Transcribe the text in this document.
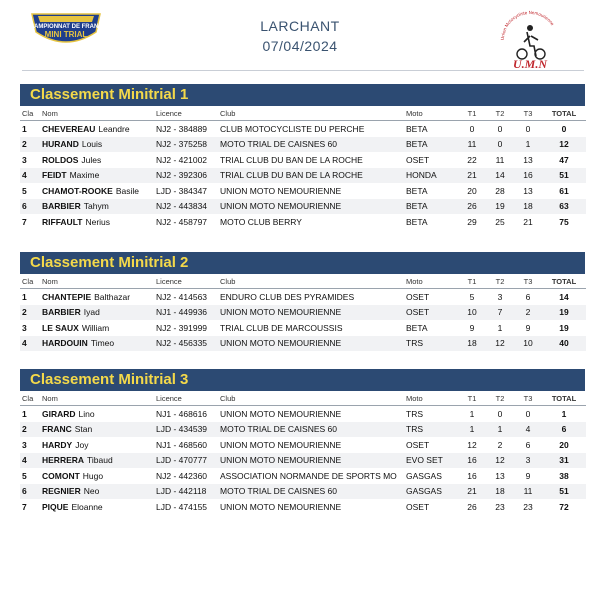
CHAMPIONNAT DE FRANCE
MINI TRIAL
LARCHANT
07/04/2024	Union Motocycliste Nemourienne
U.M.N
Classement Minitrial 1
Cla	Nom	Licence	Club	Moto	T1	T2	T3	TOTAL
1	CHEVEREAU Leandre	NJ2 - 384889	CLUB MOTOCYCLISTE DU PERCHE	BETA	0	0	0	0
2	HURAND Louis	NJ2 - 375258	MOTO TRIAL DE CAISNES 60	BETA	11	0	1	12
3	ROLDOS Jules	NJ2 - 421002	TRIAL CLUB DU BAN DE LA ROCHE	OSET	22	11	13	47
4	FEIDT Maxime	NJ2 - 392306	TRIAL CLUB DU BAN DE LA ROCHE	HONDA	21	14	16	51
5	CHAMOT-ROOKE Basile	LJD - 384347	UNION MOTO NEMOURIENNE	BETA	20	28	13	61
6	BARBIER Tahym	NJ2 - 443834	UNION MOTO NEMOURIENNE	BETA	26	19	18	63
7	RIFFAULT Nerius	NJ2 - 458797	MOTO CLUB BERRY	BETA	29	25	21	75
Classement Minitrial 2
Cla	Nom	Licence	Club	Moto	T1	T2	T3	TOTAL
1	CHANTEPIE Balthazar	NJ2 - 414563	ENDURO CLUB DES PYRAMIDES	OSET	5	3	6	14
2	BARBIER Iyad	NJ1 - 449936	UNION MOTO NEMOURIENNE	OSET	10	7	2	19
3	LE SAUX William	NJ2 - 391999	TRIAL CLUB DE MARCOUSSIS	BETA	9	1	9	19
4	HARDOUIN Timeo	NJ2 - 456335	UNION MOTO NEMOURIENNE	TRS	18	12	10	40
Classement Minitrial 3
Cla	Nom	Licence	Club	Moto	T1	T2	T3	TOTAL
1	GIRARD Lino	NJ1 - 468616	UNION MOTO NEMOURIENNE	TRS	1	0	0	1
2	FRANC Stan	LJD - 434539	MOTO TRIAL DE CAISNES 60	TRS	1	1	4	6
3	HARDY Joy	NJ1 - 468560	UNION MOTO NEMOURIENNE	OSET	12	2	6	20
4	HERRERA Tibaud	LJD - 470777	UNION MOTO NEMOURIENNE	EVO SET	16	12	3	31
5	COMONT Hugo	NJ2 - 442360	ASSOCIATION NORMANDE DE SPORTS MO	GASGAS	16	13	9	38
6	REGNIER Neo	LJD - 442118	MOTO TRIAL DE CAISNES 60	GASGAS	21	18	11	51
7	PIQUE Eloanne	LJD - 474155	UNION MOTO NEMOURIENNE	OSET	26	23	23	72
